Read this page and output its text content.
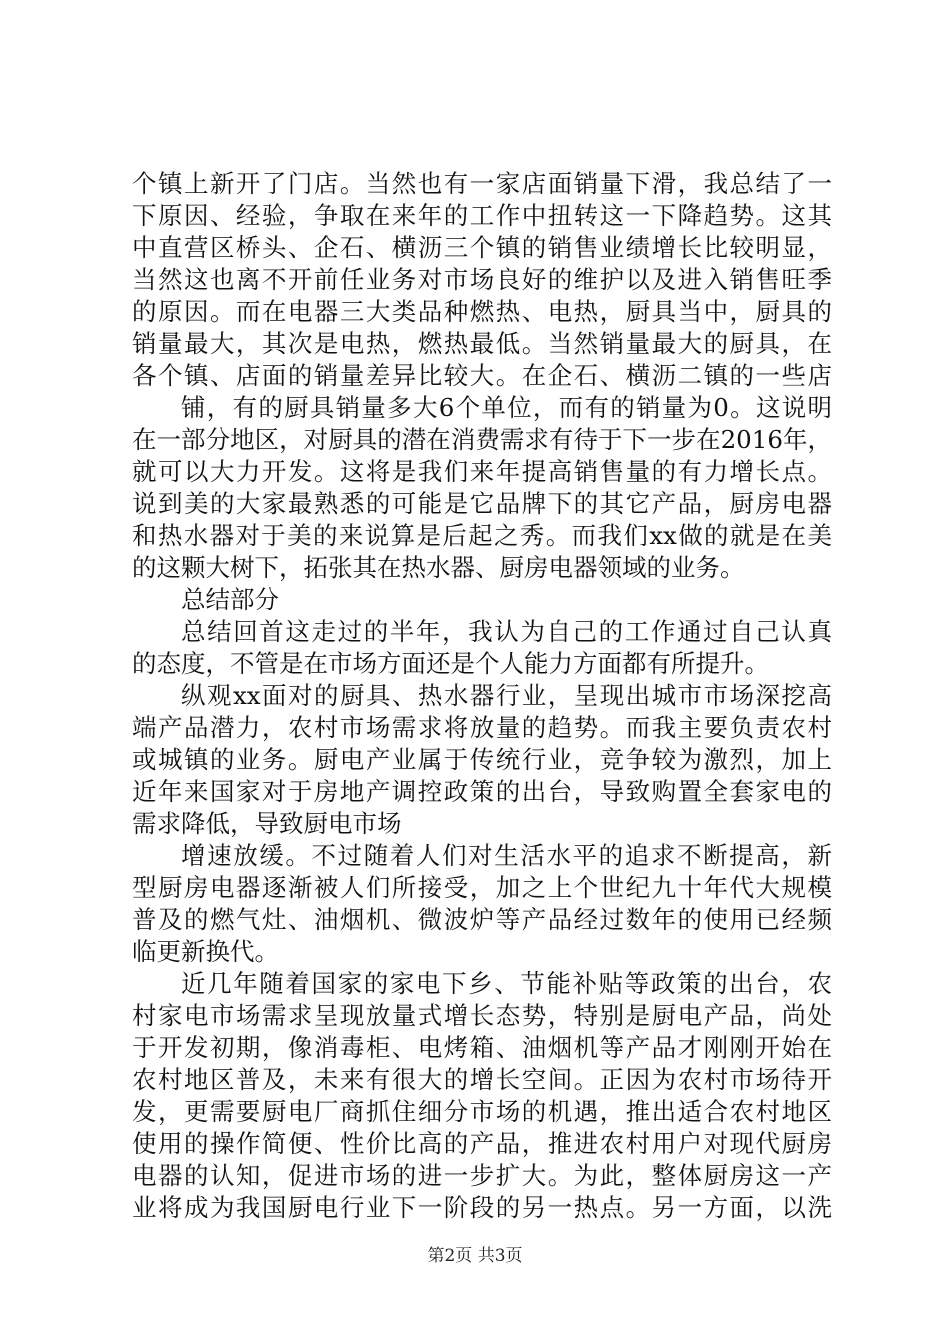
个镇上新开了门店。当然也有一家店面销量下滑，我总结了一
下原因、经验，争取在来年的工作中扭转这一下降趋势。这其
中直营区桥头、企石、横沥三个镇的销售业绩增长比较明显，
当然这也离不开前任业务对市场良好的维护以及进入销售旺季
的原因。而在电器三大类品种燃热、电热，厨具当中，厨具的
销量最大，其次是电热，燃热最低。当然销量最大的厨具，在
各个镇、店面的销量差异比较大。在企石、横沥二镇的一些店
铺，有的厨具销量多大6个单位，而有的销量为0。这说明
在一部分地区，对厨具的潜在消费需求有待于下一步在2016年，
就可以大力开发。这将是我们来年提高销售量的有力增长点。
说到美的大家最熟悉的可能是它品牌下的其它产品，厨房电器
和热水器对于美的来说算是后起之秀。而我们xx做的就是在美
的这颗大树下，拓张其在热水器、厨房电器领域的业务。
总结部分
总结回首这走过的半年，我认为自己的工作通过自己认真
的态度，不管是在市场方面还是个人能力方面都有所提升。
纵观xx面对的厨具、热水器行业，呈现出城市市场深挖高
端产品潜力，农村市场需求将放量的趋势。而我主要负责农村
或城镇的业务。厨电产业属于传统行业，竞争较为激烈，加上
近年来国家对于房地产调控政策的出台，导致购置全套家电的
需求降低，导致厨电市场
增速放缓。不过随着人们对生活水平的追求不断提高，新
型厨房电器逐渐被人们所接受，加之上个世纪九十年代大规模
普及的燃气灶、油烟机、微波炉等产品经过数年的使用已经频
临更新换代。
近几年随着国家的家电下乡、节能补贴等政策的出台，农
村家电市场需求呈现放量式增长态势，特别是厨电产品，尚处
于开发初期，像消毒柜、电烤箱、油烟机等产品才刚刚开始在
农村地区普及，未来有很大的增长空间。正因为农村市场待开
发，更需要厨电厂商抓住细分市场的机遇，推出适合农村地区
使用的操作简便、性价比高的产品，推进农村用户对现代厨房
电器的认知，促进市场的进一步扩大。为此，整体厨房这一产
业将成为我国厨电行业下一阶段的另一热点。另一方面，以洗
第2页 共3页
